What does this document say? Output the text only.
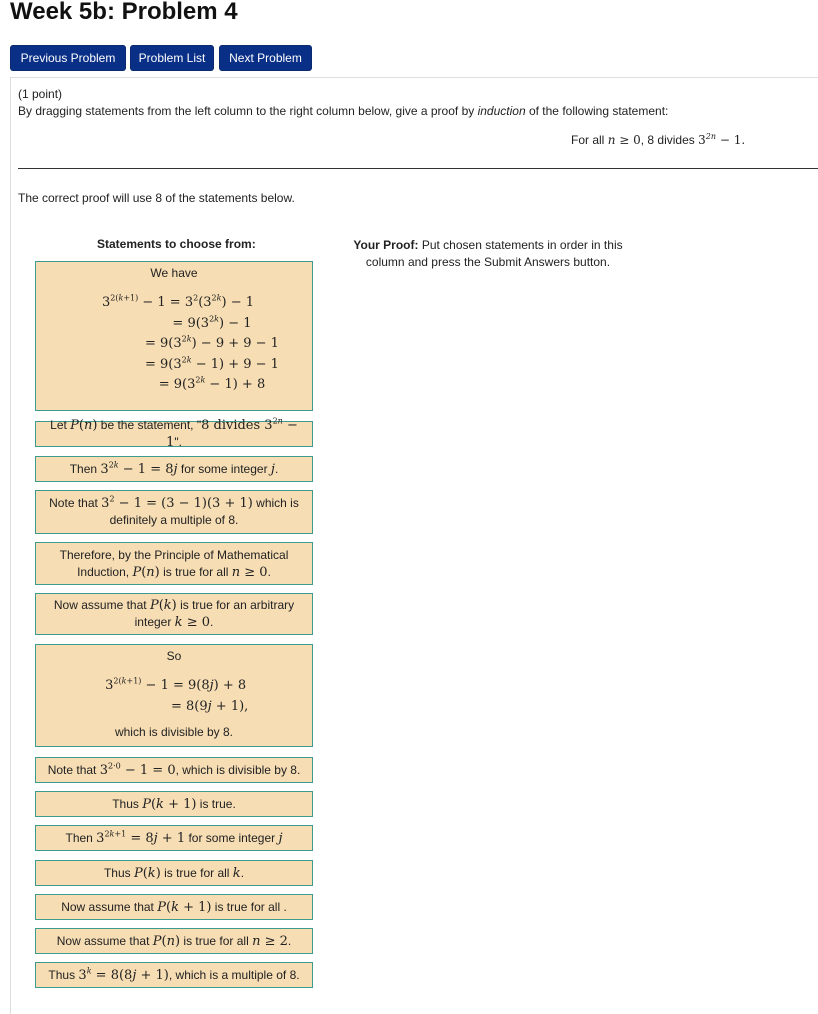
Week 5b: Problem 4
Previous Problem	Problem List	Next Problem
(1 point)
By dragging statements from the left column to the right column below, give a proof by induction of the following statement:
For all n ≥ 0, 8 divides $3^{2n} - 1$.
The correct proof will use 8 of the statements below.
Statements to choose from:	Your Proof: Put chosen statements in order in this column and press the Submit Answers button.
We have
$3^{2(k+1)} - 1 = 3^2(3^{2k}) - 1$
= $9(3^{2k}) - 1$
= $9(3^{2k}) - 9 + 9 - 1$
= $9(3^{2k} - 1) + 9 - 1$
= $9(3^{2k} - 1) + 8$
Let P(n) be the statement, "8 divides $3^{2n} - 1$".
Then $3^{2k} - 1 = 8j$ for some integer j.
Note that $3^2 - 1 = (3 - 1)(3 + 1)$ which is definitely a multiple of 8.
Therefore, by the Principle of Mathematical Induction, P(n) is true for all n ≥ 0.
Now assume that P(k) is true for an arbitrary integer k ≥ 0.
So
$3^{2(k+1)} - 1 = 9(8j) + 8$
= 8(9j + 1),
which is divisible by 8.
Note that $3^{2\cdot 0} - 1 = 0$, which is divisible by 8.
Thus P(k + 1) is true.
Then $3^{2k+1} = 8j + 1$ for some integer j
Thus P(k) is true for all k.
Now assume that P(k + 1) is true for all .
Now assume that P(n) is true for all n ≥ 2.
Thus $3^k = 8(8j + 1)$, which is a multiple of 8.
